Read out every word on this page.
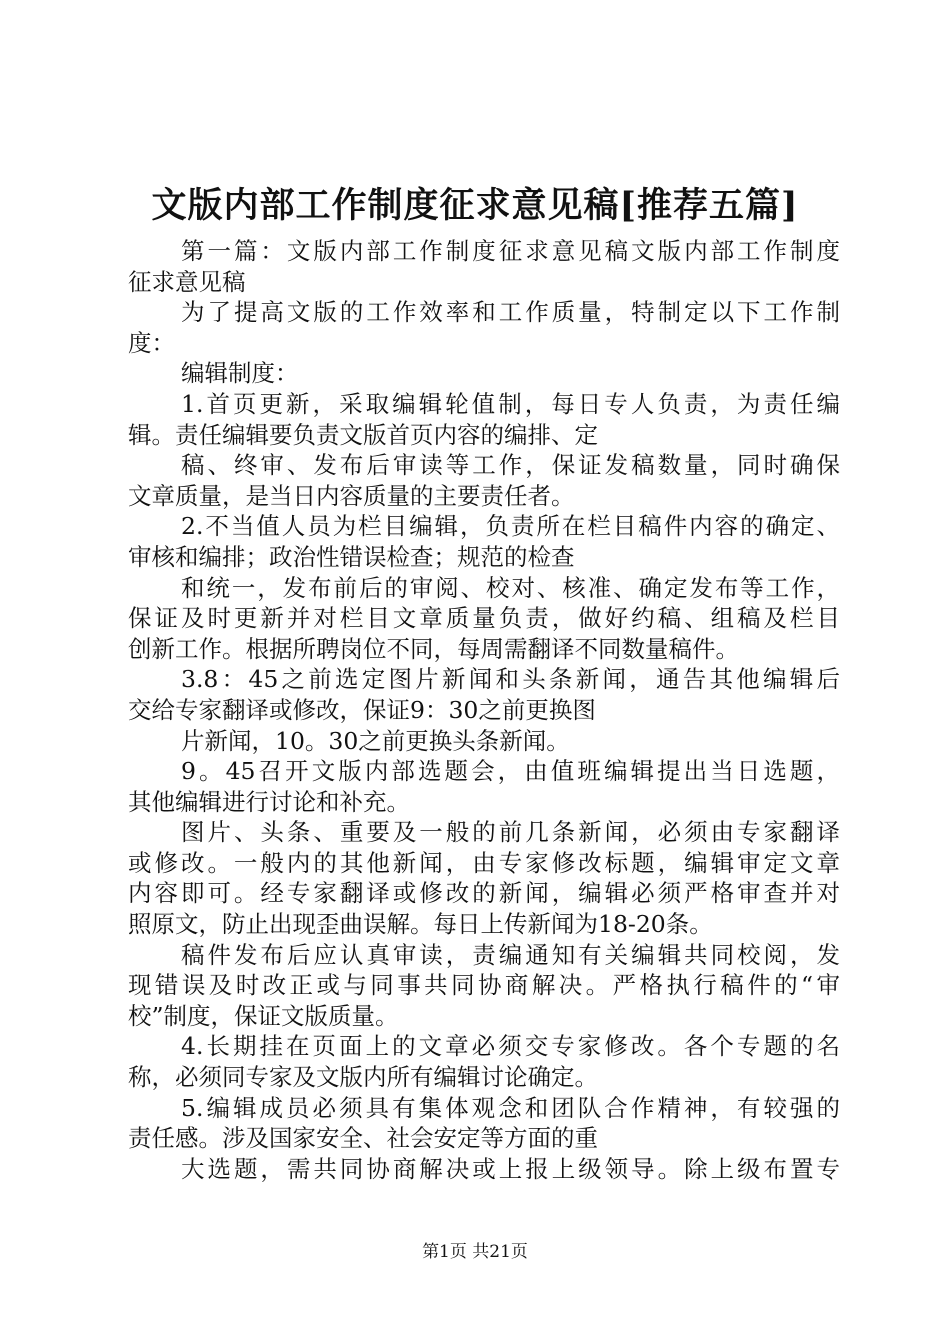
文版内部工作制度征求意见稿[推荐五篇]
第一篇：文版内部工作制度征求意见稿文版内部工作制度
征求意见稿
为了提高文版的工作效率和工作质量，特制定以下工作制
度：
编辑制度：
1.首页更新，采取编辑轮值制，每日专人负责，为责任编
辑。责任编辑要负责文版首页内容的编排、定
稿、终审、发布后审读等工作，保证发稿数量，同时确保
文章质量，是当日内容质量的主要责任者。
2.不当值人员为栏目编辑，负责所在栏目稿件内容的确定、
审核和编排；政治性错误检查；规范的检查
和统一，发布前后的审阅、校对、核准、确定发布等工作，
保证及时更新并对栏目文章质量负责，做好约稿、组稿及栏目
创新工作。根据所聘岗位不同，每周需翻译不同数量稿件。
3.8：45之前选定图片新闻和头条新闻，通告其他编辑后
交给专家翻译或修改，保证9：30之前更换图
片新闻，10。30之前更换头条新闻。
9。45召开文版内部选题会，由值班编辑提出当日选题，
其他编辑进行讨论和补充。
图片、头条、重要及一般的前几条新闻，必须由专家翻译
或修改。一般内的其他新闻，由专家修改标题，编辑审定文章
内容即可。经专家翻译或修改的新闻，编辑必须严格审查并对
照原文，防止出现歪曲误解。每日上传新闻为18-20条。
稿件发布后应认真审读，责编通知有关编辑共同校阅，发
现错误及时改正或与同事共同协商解决。严格执行稿件的“审
校”制度，保证文版质量。
4.长期挂在页面上的文章必须交专家修改。各个专题的名
称，必须同专家及文版内所有编辑讨论确定。
5.编辑成员必须具有集体观念和团队合作精神，有较强的
责任感。涉及国家安全、社会安定等方面的重
大选题，需共同协商解决或上报上级领导。除上级布置专
第1页 共21页
